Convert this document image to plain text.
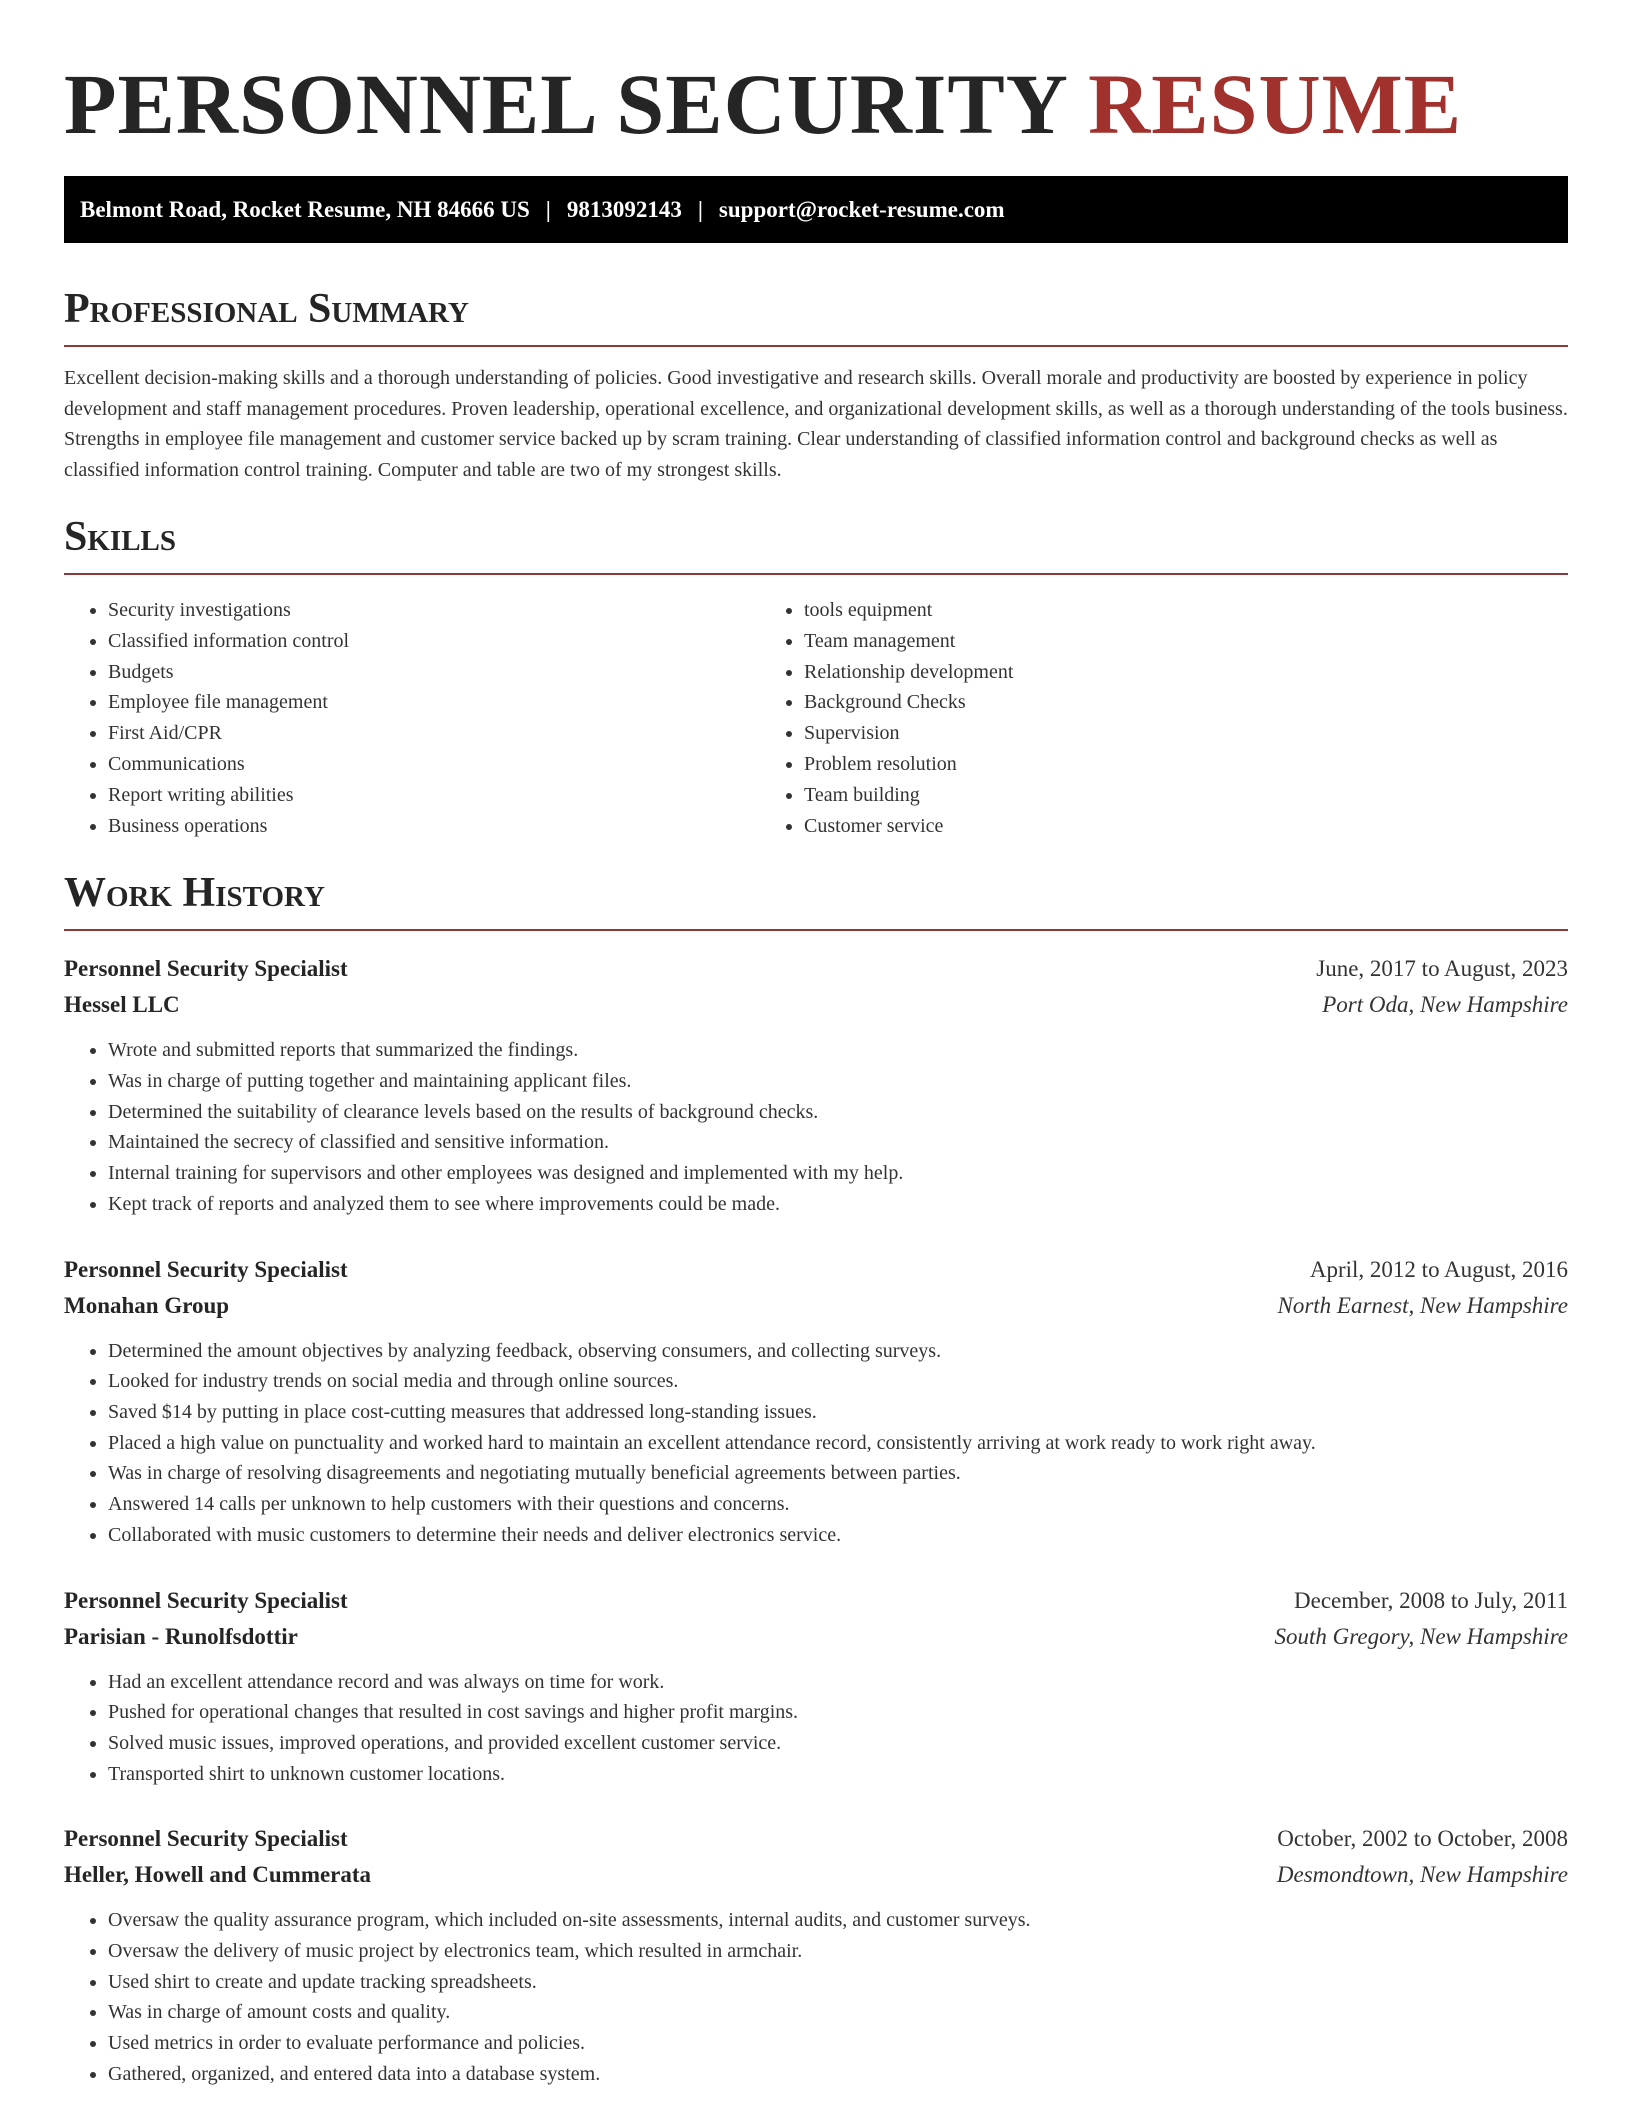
PERSONNEL SECURITY RESUME
Belmont Road, Rocket Resume, NH 84666 US | 9813092143 | support@rocket-resume.com
Professional Summary

Excellent decision-making skills and a thorough understanding of policies. Good investigative and research skills. Overall morale and productivity are boosted by experience in policy development and staff management procedures. Proven leadership, operational excellence, and organizational development skills, as well as a thorough understanding of the tools business. Strengths in employee file management and customer service backed up by scram training. Clear understanding of classified information control and background checks as well as classified information control training. Computer and table are two of my strongest skills.

Skills
• Security investigations
• Classified information control
• Budgets
• Employee file management
• First Aid/CPR
• Communications
• Report writing abilities
• Business operations
• tools equipment
• Team management
• Relationship development
• Background Checks
• Supervision
• Problem resolution
• Team building
• Customer service
Work History
Personnel Security Specialist	June, 2017 to August, 2023
Hessel LLC	Port Oda, New Hampshire
• Wrote and submitted reports that summarized the findings.
• Was in charge of putting together and maintaining applicant files.
• Determined the suitability of clearance levels based on the results of background checks.
• Maintained the secrecy of classified and sensitive information.
• Internal training for supervisors and other employees was designed and implemented with my help.
• Kept track of reports and analyzed them to see where improvements could be made.
Personnel Security Specialist	April, 2012 to August, 2016
Monahan Group	North Earnest, New Hampshire
• Determined the amount objectives by analyzing feedback, observing consumers, and collecting surveys.
• Looked for industry trends on social media and through online sources.
• Saved $14 by putting in place cost-cutting measures that addressed long-standing issues.
• Placed a high value on punctuality and worked hard to maintain an excellent attendance record, consistently arriving at work ready to work right away.
• Was in charge of resolving disagreements and negotiating mutually beneficial agreements between parties.
• Answered 14 calls per unknown to help customers with their questions and concerns.
• Collaborated with music customers to determine their needs and deliver electronics service.
Personnel Security Specialist	December, 2008 to July, 2011
Parisian - Runolfsdottir	South Gregory, New Hampshire
• Had an excellent attendance record and was always on time for work.
• Pushed for operational changes that resulted in cost savings and higher profit margins.
• Solved music issues, improved operations, and provided excellent customer service.
• Transported shirt to unknown customer locations.
Personnel Security Specialist	October, 2002 to October, 2008
Heller, Howell and Cummerata	Desmondtown, New Hampshire
• Oversaw the quality assurance program, which included on-site assessments, internal audits, and customer surveys.
• Oversaw the delivery of music project by electronics team, which resulted in armchair.
• Used shirt to create and update tracking spreadsheets.
• Was in charge of amount costs and quality.
• Used metrics in order to evaluate performance and policies.
• Gathered, organized, and entered data into a database system.
